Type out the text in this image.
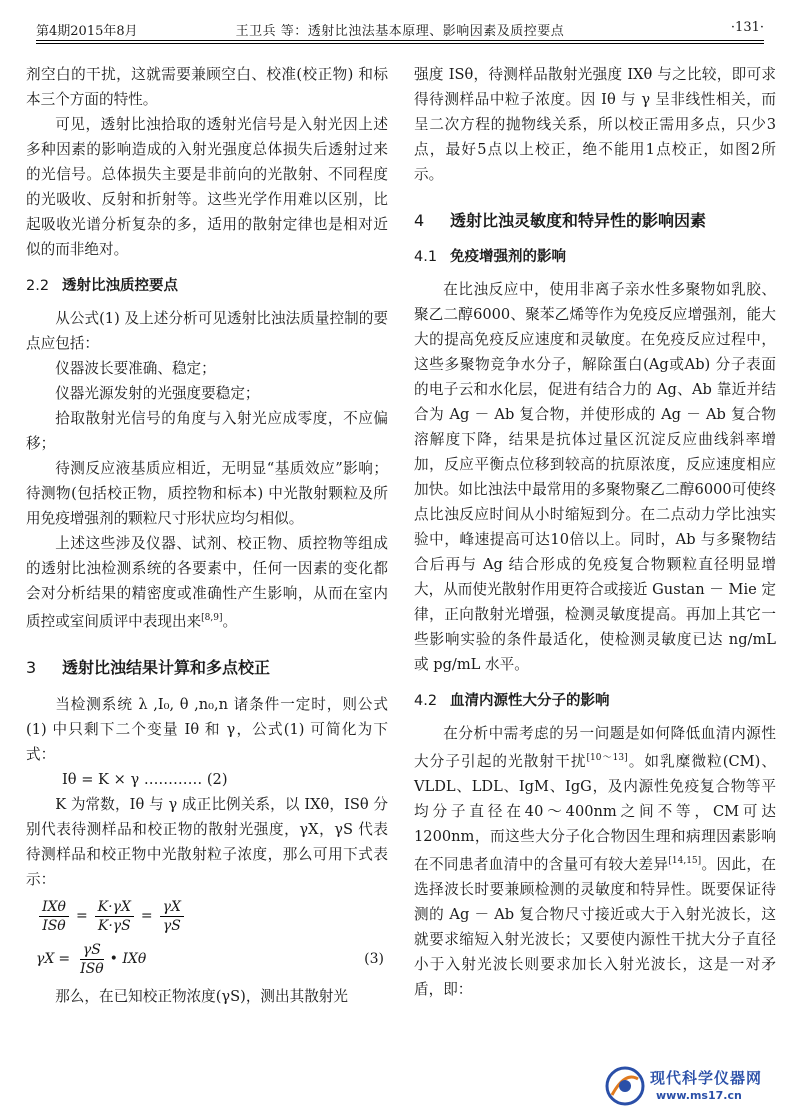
第4期2015年8月	王卫兵 等：透射比浊法基本原理、影响因素及质控要点	·131·

剂空白的干扰，这就需要兼顾空白、校准(校正物) 和标本三个方面的特性。

可见，透射比浊拾取的透射光信号是入射光因上述多种因素的影响造成的入射光强度总体损失后透射过来的光信号。总体损失主要是非前向的光散射、不同程度的光吸收、反射和折射等。这些光学作用难以区别，比起吸收光谱分析复杂的多，适用的散射定律也是相对近似的而非绝对。

2.2 透射比浊质控要点

从公式(1) 及上述分析可见透射比浊法质量控制的要点应包括：

仪器波长要准确、稳定；

仪器光源发射的光强度要稳定；

拾取散射光信号的角度与入射光应成零度，不应偏移；

待测反应液基质应相近，无明显“基质效应”影响；待测物(包括校正物，质控物和标本) 中光散射颗粒及所用免疫增强剂的颗粒尺寸形状应均匀相似。

上述这些涉及仪器、试剂、校正物、质控物等组成的透射比浊检测系统的各要素中，任何一因素的变化都会对分析结果的精密度或准确性产生影响，从而在室内质控或室间质评中表现出来[8,9]。

3 透射比浊结果计算和多点校正

当检测系统 λ ,I₀, θ ,n₀,n 诸条件一定时，则公式(1) 中只剩下二个变量 Iθ 和 γ，公式(1) 可简化为下式：

Iθ = K × γ ………… (2)

K 为常数，Iθ 与 γ 成正比例关系，以 IXθ，ISθ 分别代表待测样品和校正物的散射光强度，γX，γS 代表待测样品和校正物中光散射粒子浓度，那么可用下式表示：

$\frac{\text{IXθ}}{\text{ISθ}} = \frac{K\cdot\gamma X}{K\cdot\gamma S} = \frac{\gamma X}{\gamma S}$
$\gamma X = \frac{\gamma S}{\text{ISθ}}$ • IXθ	(3)

那么，在已知校正物浓度(γS)，测出其散射光

强度 ISθ，待测样品散射光强度 IXθ 与之比较，即可求得待测样品中粒子浓度。因 Iθ 与 γ 呈非线性相关，而呈二次方程的抛物线关系，所以校正需用多点，只少3点，最好5点以上校正，绝不能用1点校正，如图2所示。

4 透射比浊灵敏度和特异性的影响因素
4.1 免疫增强剂的影响

在比浊反应中，使用非离子亲水性多聚物如乳胶、聚乙二醇6000、聚苯乙烯等作为免疫反应增强剂，能大大的提高免疫反应速度和灵敏度。在免疫反应过程中，这些多聚物竞争水分子，解除蛋白(Ag或Ab) 分子表面的电子云和水化层，促进有结合力的 Ag、Ab 靠近并结合为 Ag － Ab 复合物，并使形成的 Ag － Ab 复合物溶解度下降，结果是抗体过量区沉淀反应曲线斜率增加，反应平衡点位移到较高的抗原浓度，反应速度相应加快。如比浊法中最常用的多聚物聚乙二醇6000可使终点比浊反应时间从小时缩短到分。在二点动力学比浊实验中，峰速提高可达10倍以上。同时，Ab 与多聚物结合后再与 Ag 结合形成的免疫复合物颗粒直径明显增大，从而使光散射作用更符合或接近 Gustan － Mie 定律，正向散射光增强，检测灵敏度提高。再加上其它一些影响实验的条件最适化，使检测灵敏度已达 ng/mL 或 pg/mL 水平。

4.2 血清内源性大分子的影响

在分析中需考虑的另一问题是如何降低血清内源性大分子引起的光散射干扰[10～13]。如乳糜微粒(CM)、VLDL、LDL、IgM、IgG，及内源性免疫复合物等平均分子直径在40～400nm之间不等，CM可达1200nm，而这些大分子化合物因生理和病理因素影响在不同患者血清中的含量可有较大差异[14,15]。因此，在选择波长时要兼顾检测的灵敏度和特异性。既要保证待测的 Ag － Ab 复合物尺寸接近或大于入射光波长，这就要求缩短入射光波长；又要使内源性干扰大分子直径小于入射光波长则要求加长入射光波长，这是一对矛盾，即：

现代科学仪器网
www.ms17.cn
